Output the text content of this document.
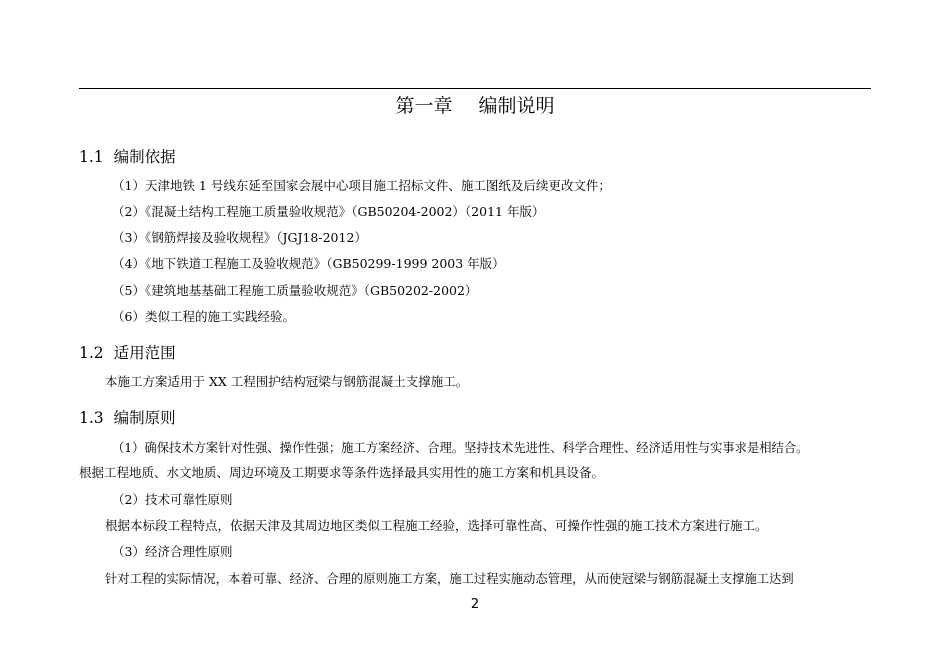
第一章 编制说明
1.1 编制依据
（1）天津地铁 1 号线东延至国家会展中心项目施工招标文件、施工图纸及后续更改文件；
（2）《混凝土结构工程施工质量验收规范》（GB50204-2002）（2011 年版）
（3）《钢筋焊接及验收规程》（JGJ18-2012）
（4）《地下铁道工程施工及验收规范》（GB50299-1999 2003 年版）
（5）《建筑地基基础工程施工质量验收规范》（GB50202-2002）
（6）类似工程的施工实践经验。
1.2 适用范围
本施工方案适用于 XX 工程围护结构冠梁与钢筋混凝土支撑施工。
1.3 编制原则
（1）确保技术方案针对性强、操作性强；施工方案经济、合理。坚持技术先进性、科学合理性、经济适用性与实事求是相结合。
根据工程地质、水文地质、周边环境及工期要求等条件选择最具实用性的施工方案和机具设备。
（2）技术可靠性原则
根据本标段工程特点，依据天津及其周边地区类似工程施工经验，选择可靠性高、可操作性强的施工技术方案进行施工。
（3）经济合理性原则
针对工程的实际情况，本着可靠、经济、合理的原则施工方案，施工过程实施动态管理，从而使冠梁与钢筋混凝土支撑施工达到
2
